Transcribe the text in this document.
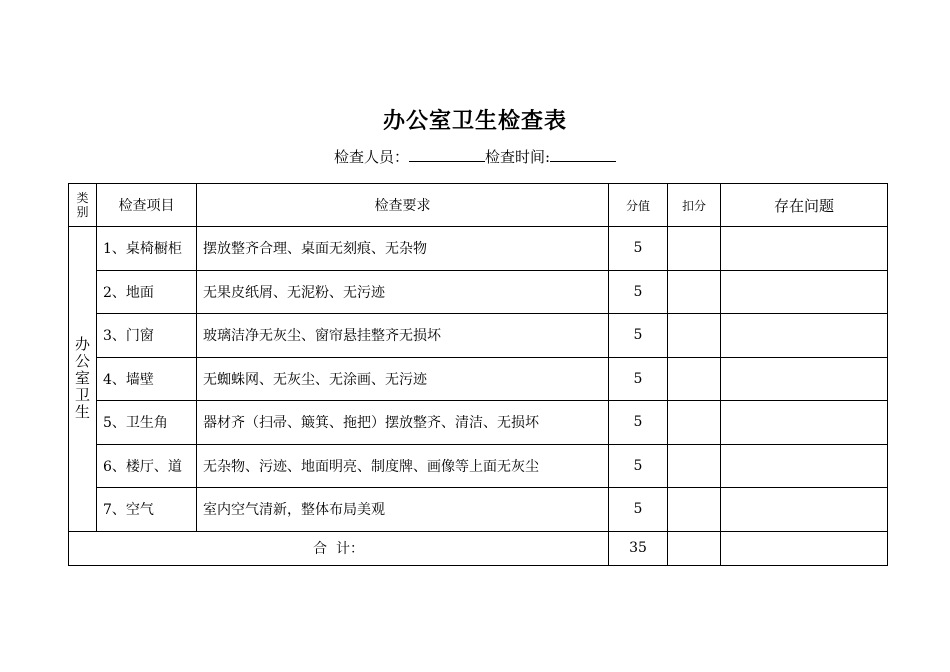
办公室卫生检查表
检查人员：	检查时间:
类
别	检查项目	检查要求	分值	扣分	存在问题

办
公
室
卫
生	1、桌椅橱柜	摆放整齐合理、桌面无刻痕、无杂物	5		
	2、地面	无果皮纸屑、无泥粉、无污迹	5		
	3、门窗	玻璃洁净无灰尘、窗帘悬挂整齐无损坏	5		
	4、墙壁	无蜘蛛网、无灰尘、无涂画、无污迹	5		
	5、卫生角	器材齐（扫帚、簸箕、拖把）摆放整齐、清洁、无损坏	5		
	6、楼厅、道	无杂物、污迹、地面明亮、制度牌、画像等上面无灰尘	5		
	7、空气	室内空气清新，整体布局美观	5		
合  计：			35		
